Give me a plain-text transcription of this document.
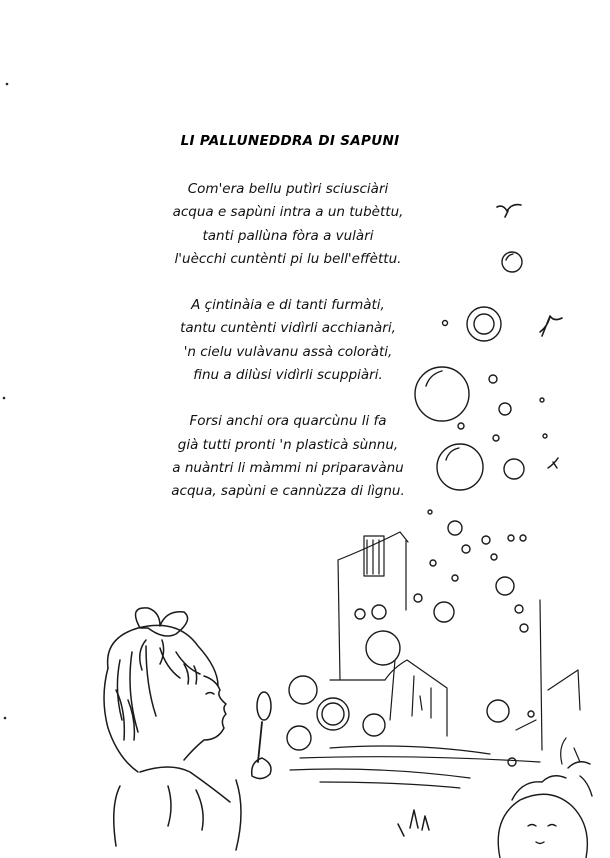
LI PALLUNEDDRA DI SAPUNI
Com'era bellu putìri sciusciàri
acqua e sapùni intra a un tubèttu,
tanti pallùna fòra a vulàri
l'uècchi cuntènti pi lu bell'effèttu.
A çintinàia e di tanti furmàti,
tantu cuntènti vidìrli acchianàri,
'n cielu vulàvanu assà coloràti,
finu a dilùsi vidìrli scuppiàri.
Forsi anchi ora quarcùnu li fa
già tutti pronti 'n plasticà sùnnu,
a nuàntri li màmmi ni priparavànu
acqua, sapùni e cannùzza di lìgnu.
